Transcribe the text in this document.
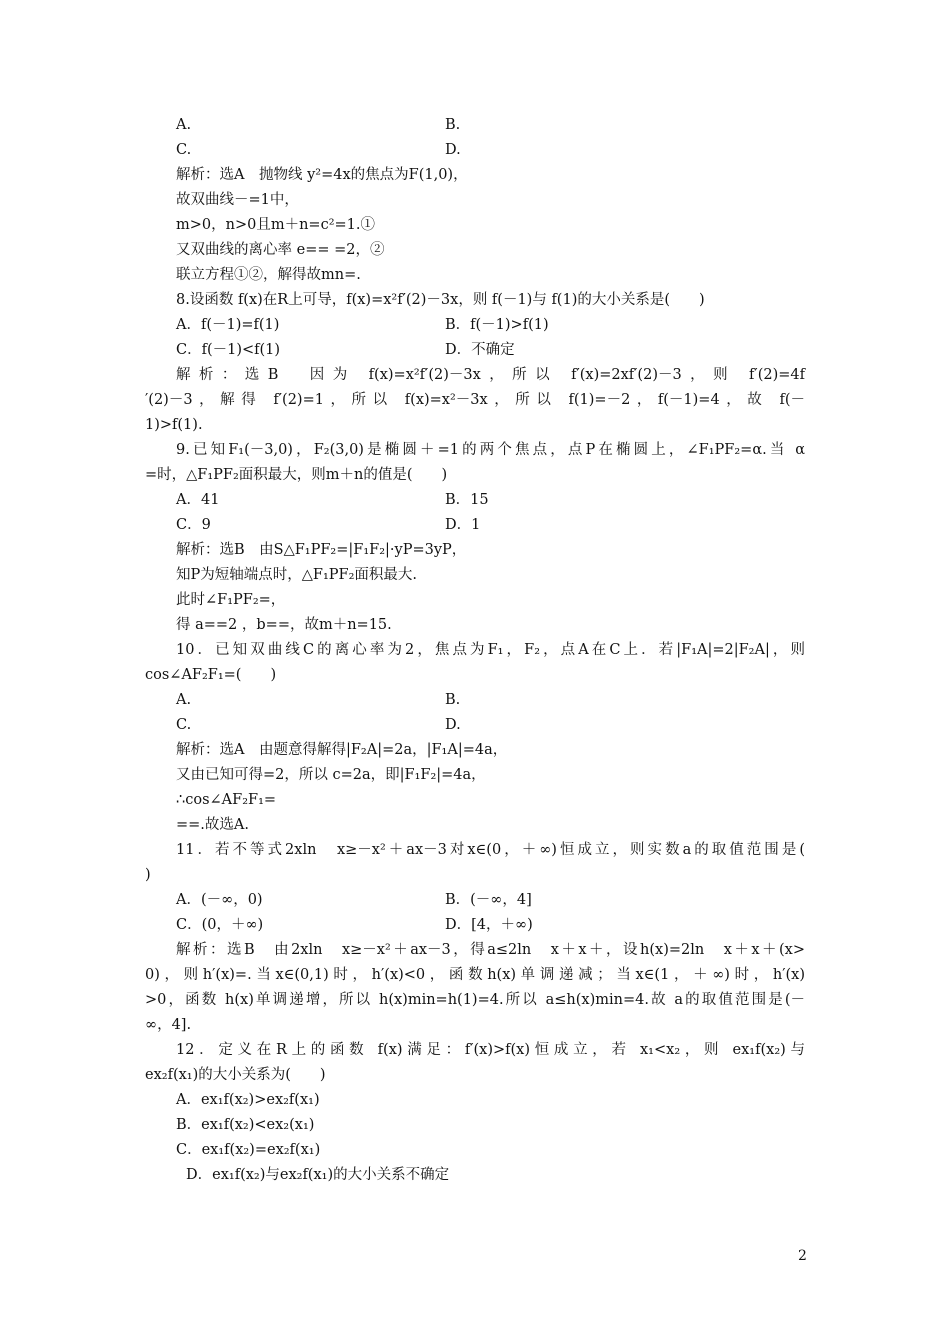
A.	B.
C.	D.
解析：选A　抛物线 y²=4x的焦点为F(1,0)，
故双曲线－=1中，
m>0，n>0且m＋n=c²=1.①
又双曲线的离心率 e== =2，②
联立方程①②，解得故mn=.
8.设函数 f(x)在R上可导，f(x)=x²f′(2)－3x，则 f(－1)与 f(1)的大小关系是(　　)
A．f(－1)=f(1)	B．f(－1)>f(1)
C．f(－1)<f(1)	D．不确定
解析：选B　因为 f(x)=x²f′(2)－3x，所以 f′(x)=2xf′(2)－3，则 f′(2)=4f
′(2)－3，解得 f′(2)=1，所以 f(x)=x²－3x，所以 f(1)=－2，f(－1)=4，故 f(－
1)>f(1).
9.已知F₁(－3,0)，F₂(3,0)是椭圆＋=1的两个焦点，点P在椭圆上，∠F₁PF₂=α.当 α
=时，△F₁PF₂面积最大，则m＋n的值是(　　)
A．41	B．15
C．9	D．1
解析：选B　由S△F₁PF₂=|F₁F₂|·yP=3yP，
知P为短轴端点时，△F₁PF₂面积最大.
此时∠F₁PF₂=，
得 a==2 ，b==，故m＋n=15.
10．已知双曲线C的离心率为2，焦点为F₁，F₂，点A在C上．若|F₁A|=2|F₂A|，则
cos∠AF₂F₁=(　　)
A.	B.
C.	D.
解析：选A　由题意得解得|F₂A|=2a，|F₁A|=4a，
又由已知可得=2，所以 c=2a，即|F₁F₂|=4a，
∴cos∠AF₂F₁=
==.故选A.
11．若不等式2xln　x≥－x²＋ax－3对x∈(0，＋∞)恒成立，则实数a的取值范围是(
)
A．(－∞，0)	B．(－∞，4]
C．(0，＋∞)	D．[4，＋∞)
解析：选B　由2xln　x≥－x²＋ax－3，得a≤2ln　x＋x＋，设h(x)=2ln　x＋x＋(x>
0)，则h′(x)=.当x∈(0,1)时，h′(x)<0，函数h(x)单调递减；当x∈(1，＋∞)时，h′(x)
>0，函数 h(x)单调递增，所以 h(x)min=h(1)=4.所以 a≤h(x)min=4.故 a的取值范围是(－
∞，4].
12．定义在R上的函数 f(x)满足：f′(x)>f(x)恒成立，若 x₁<x₂，则 ex₁f(x₂)与
ex₂f(x₁)的大小关系为(　　)
A．ex₁f(x₂)>ex₂f(x₁)
B．ex₁f(x₂)<ex₂(x₁)
C．ex₁f(x₂)=ex₂f(x₁)
D．ex₁f(x₂)与ex₂f(x₁)的大小关系不确定
2
